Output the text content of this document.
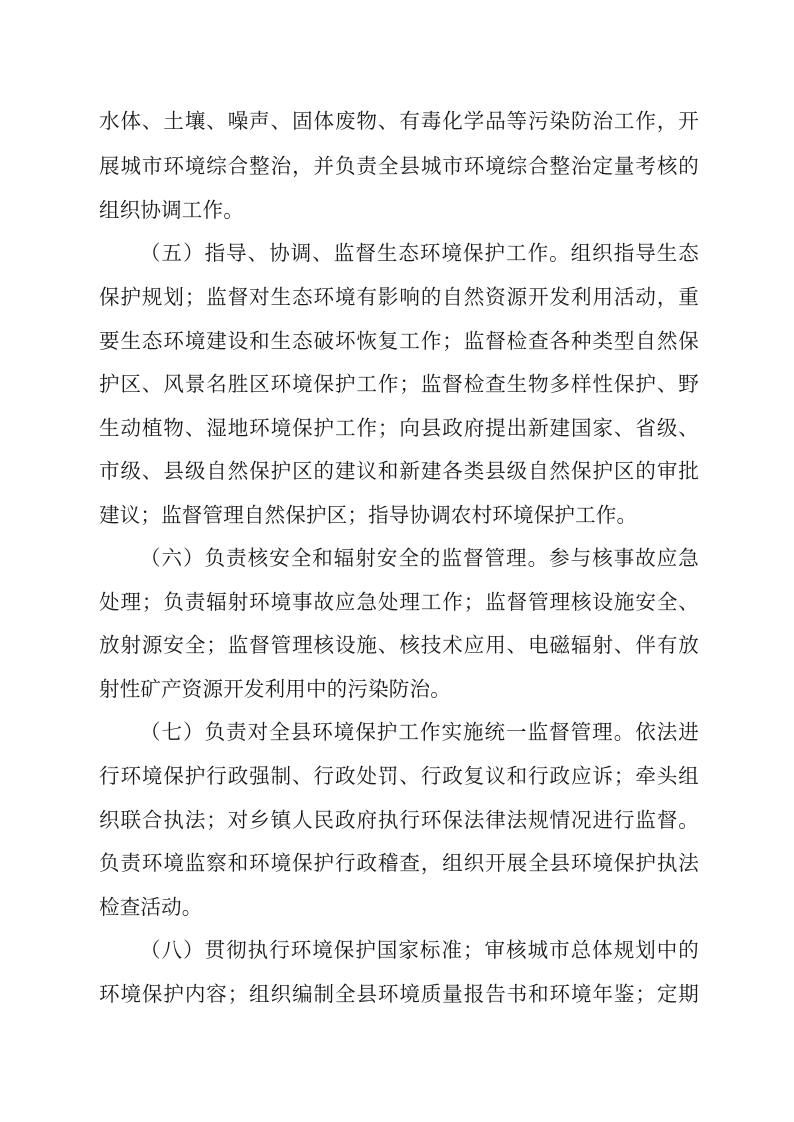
水体、土壤、噪声、固体废物、有毒化学品等污染防治工作，开
展城市环境综合整治，并负责全县城市环境综合整治定量考核的
组织协调工作。
（五）指导、协调、监督生态环境保护工作。组织指导生态
保护规划；监督对生态环境有影响的自然资源开发利用活动，重
要生态环境建设和生态破坏恢复工作；监督检查各种类型自然保
护区、风景名胜区环境保护工作；监督检查生物多样性保护、野
生动植物、湿地环境保护工作；向县政府提出新建国家、省级、
市级、县级自然保护区的建议和新建各类县级自然保护区的审批
建议；监督管理自然保护区；指导协调农村环境保护工作。
（六）负责核安全和辐射安全的监督管理。参与核事故应急
处理；负责辐射环境事故应急处理工作；监督管理核设施安全、
放射源安全；监督管理核设施、核技术应用、电磁辐射、伴有放
射性矿产资源开发利用中的污染防治。
（七）负责对全县环境保护工作实施统一监督管理。依法进
行环境保护行政强制、行政处罚、行政复议和行政应诉；牵头组
织联合执法；对乡镇人民政府执行环保法律法规情况进行监督。
负责环境监察和环境保护行政稽查，组织开展全县环境保护执法
检查活动。
（八）贯彻执行环境保护国家标准；审核城市总体规划中的
环境保护内容；组织编制全县环境质量报告书和环境年鉴；定期
